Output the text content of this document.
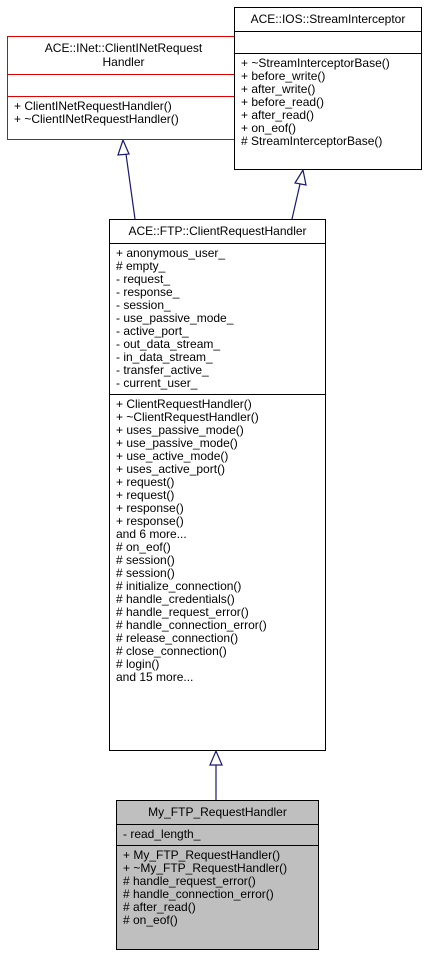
ACE::INet::ClientINetRequest
Handler
+ ClientINetRequestHandler()
+ ~ClientINetRequestHandler()
ACE::IOS::StreamInterceptor
+ ~StreamInterceptorBase()
+ before_write()
+ after_write()
+ before_read()
+ after_read()
+ on_eof()
# StreamInterceptorBase()
ACE::FTP::ClientRequestHandler
+ anonymous_user_
# empty_
- request_
- response_
- session_
- use_passive_mode_
- active_port_
- out_data_stream_
- in_data_stream_
- transfer_active_
- current_user_
+ ClientRequestHandler()
+ ~ClientRequestHandler()
+ uses_passive_mode()
+ use_passive_mode()
+ use_active_mode()
+ uses_active_port()
+ request()
+ request()
+ response()
+ response()
and 6 more...
# on_eof()
# session()
# session()
# initialize_connection()
# handle_credentials()
# handle_request_error()
# handle_connection_error()
# release_connection()
# close_connection()
# login()
and 15 more...
My_FTP_RequestHandler
- read_length_
+ My_FTP_RequestHandler()
+ ~My_FTP_RequestHandler()
# handle_request_error()
# handle_connection_error()
# after_read()
# on_eof()
